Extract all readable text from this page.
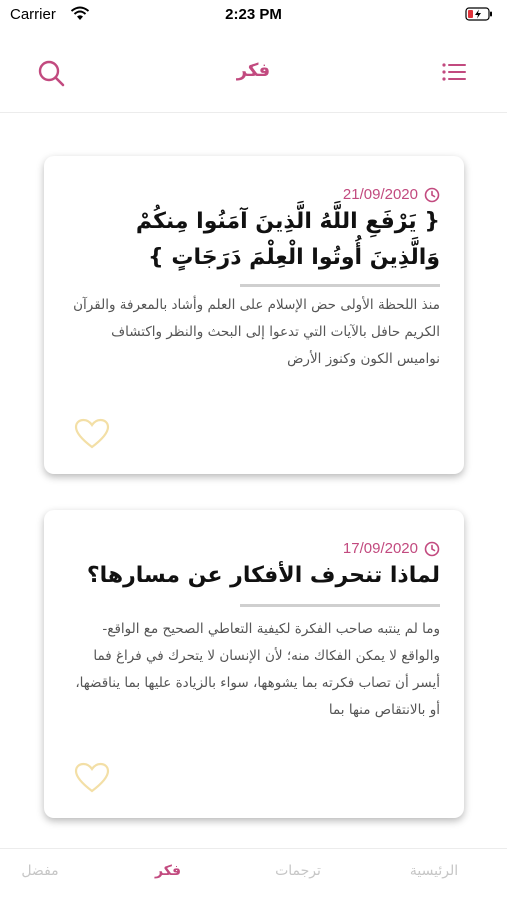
Carrier	2:23 PM
فكر
21/09/2020
{ يَرْفَعِ اللَّهُ الَّذِينَ آمَنُوا مِنكُمْ وَالَّذِينَ أُوتُوا الْعِلْمَ دَرَجَاتٍ }
منذ اللحظة الأولى حض الإسلام على العلم وأشاد بالمعرفة والقرآن الكريم حافل بالآيات التي تدعوا إلى البحث والنظر واكتشاف نواميس الكون وكنوز الأرض
17/09/2020
لماذا تنحرف الأفكار عن مسارها؟
وما لم ينتبه صاحب الفكرة لكيفية التعاطي الصحيح مع الواقع- والواقع لا يمكن الفكاك منه؛ لأن الإنسان لا يتحرك في فراغ فما أيسر أن تصاب فكرته بما يشوهها، سواء بالزيادة عليها بما يناقضها، أو بالانتقاص منها بما
مفضل	فكر	ترجمات	الرئيسية
